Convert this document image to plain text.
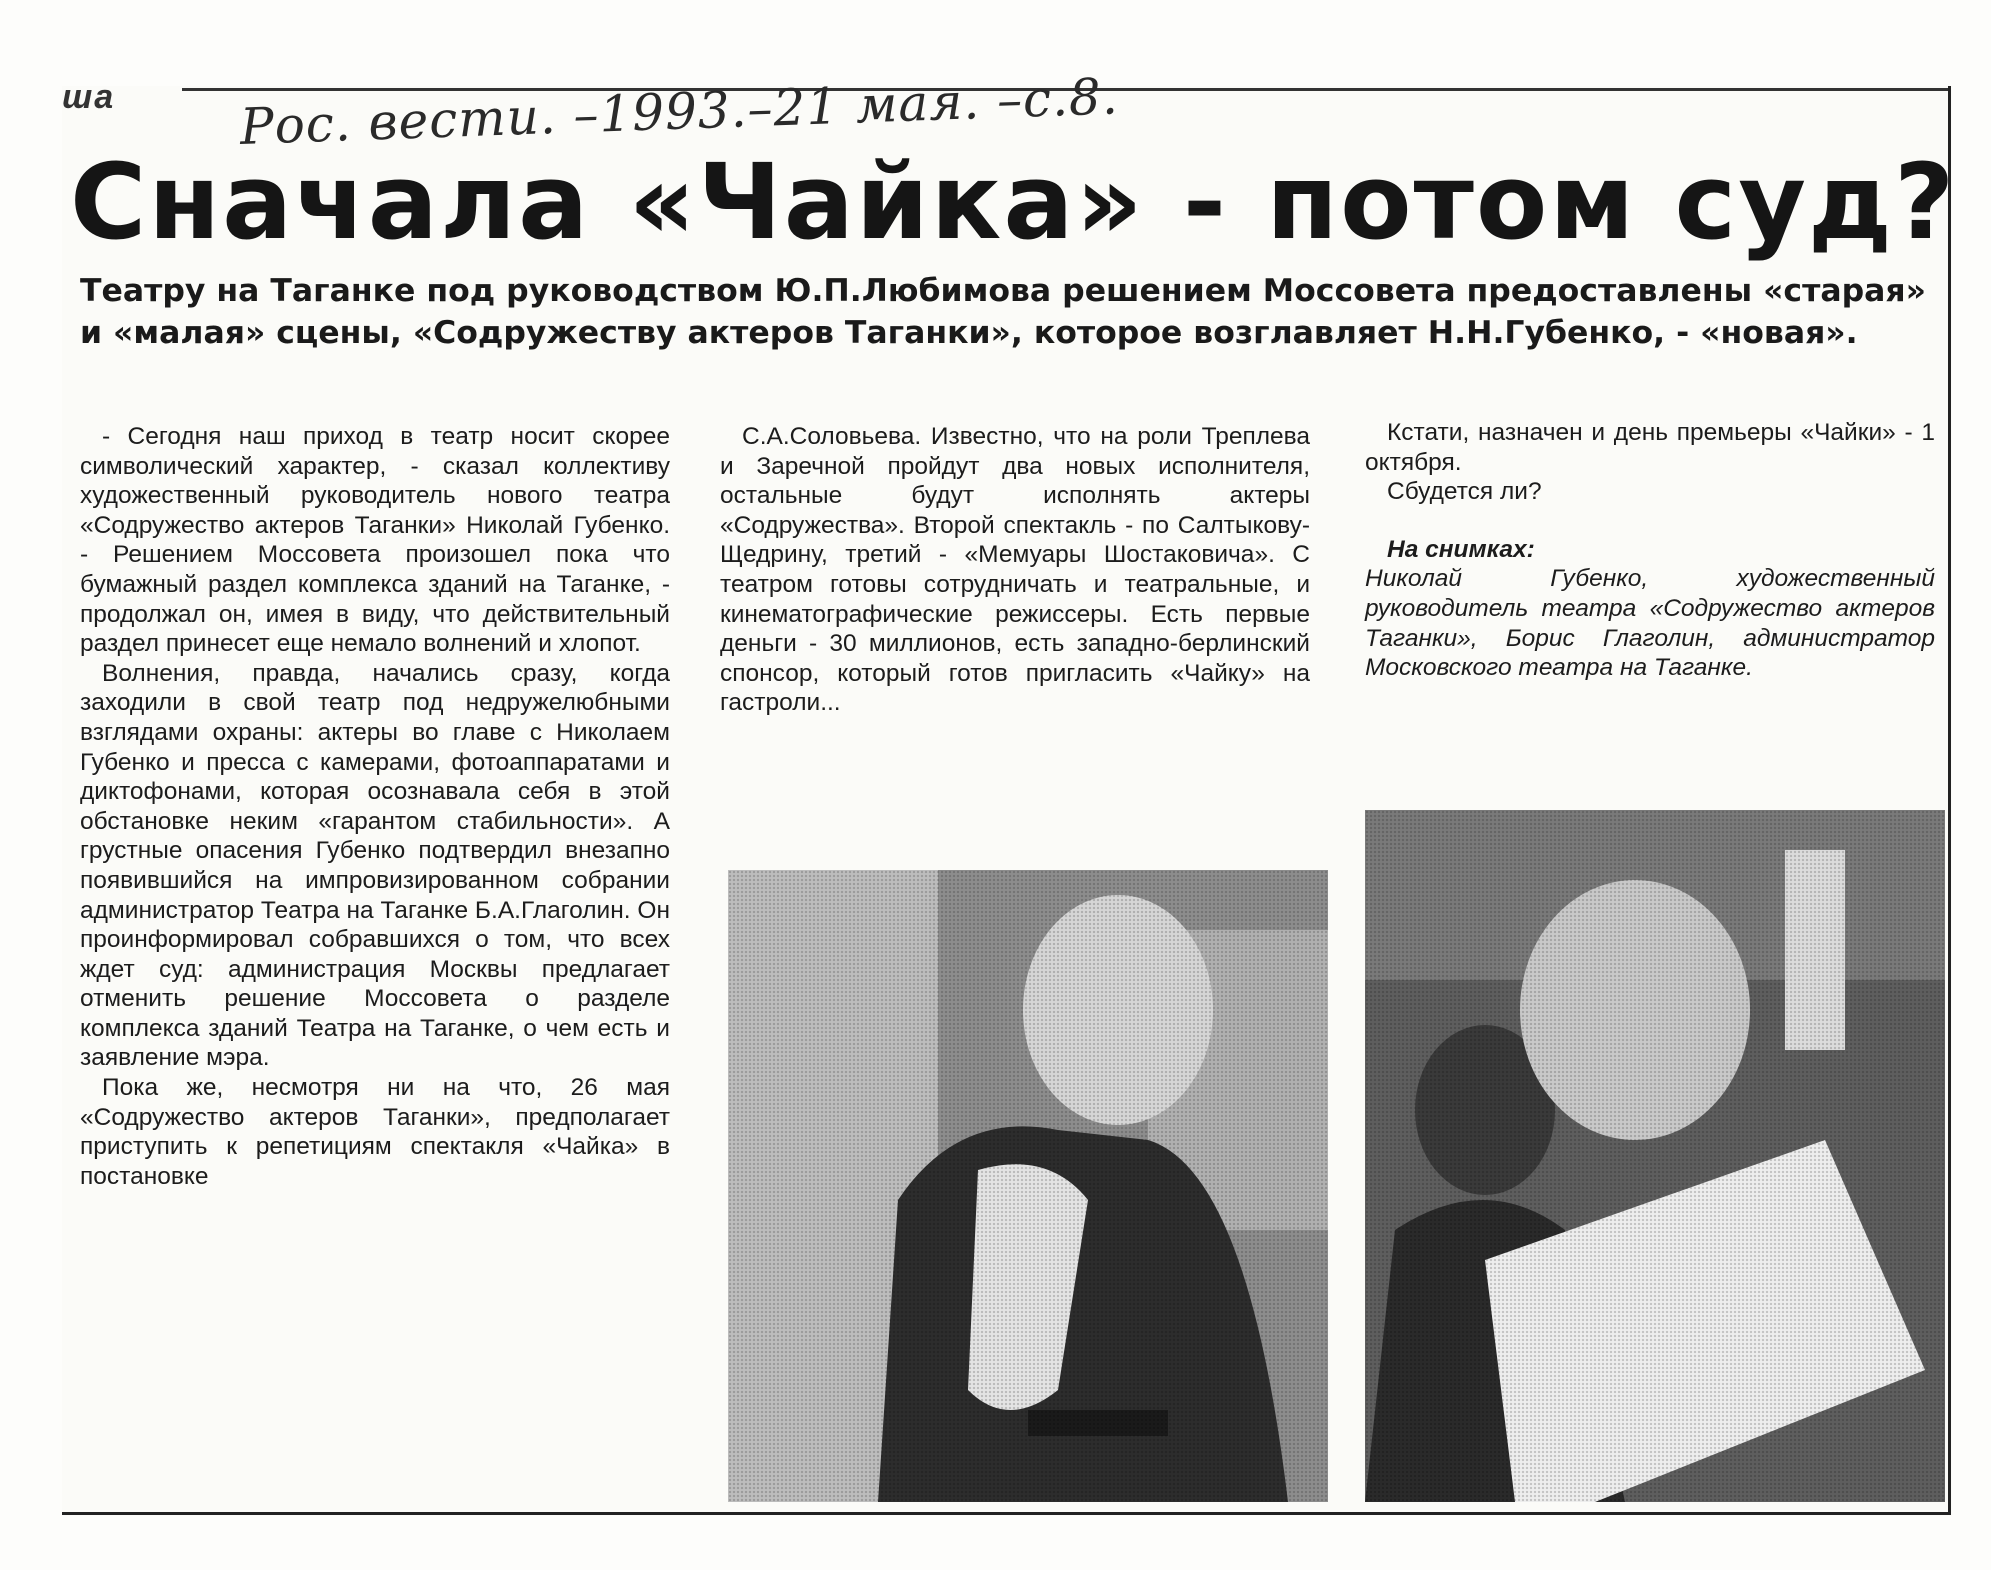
ша Рос. вести. –1993.–21 мая. –с.8.
Сначала «Чайка» - потом суд?
Театру на Таганке под руководством Ю.П.Любимова решением Моссовета предоставлены «старая» и «малая» сцены, «Содружеству актеров Таганки», которое возглавляет Н.Н.Губенко, - «новая».

- Сегодня наш приход в театр носит скорее символический характер, - сказал коллективу художественный руководитель нового театра «Содружество актеров Таганки» Николай Губенко. - Решением Моссовета произошел пока что бумажный раздел комплекса зданий на Таганке, - продолжал он, имея в виду, что действительный раздел принесет еще немало волнений и хлопот.

Волнения, правда, начались сразу, когда заходили в свой театр под недружелюбными взглядами охраны: актеры во главе с Николаем Губенко и пресса с камерами, фотоаппаратами и диктофонами, которая осознавала себя в этой обстановке неким «гарантом стабильности». А грустные опасения Губенко подтвердил внезапно появившийся на импровизированном собрании администратор Театра на Таганке Б.А.Глаголин. Он проинформировал собравшихся о том, что всех ждет суд: администрация Москвы предлагает отменить решение Моссовета о разделе комплекса зданий Театра на Таганке, о чем есть и заявление мэра.

Пока же, несмотря ни на что, 26 мая «Содружество актеров Таганки», предполагает приступить к репетициям спектакля «Чайка» в постановке

С.А.Соловьева. Известно, что на роли Треплева и Заречной пройдут два новых исполнителя, остальные будут исполнять актеры «Содружества». Второй спектакль - по Салтыкову-Щедрину, третий - «Мемуары Шостаковича». С театром готовы сотрудничать и театральные, и кинематографические режиссеры. Есть первые деньги - 30 миллионов, есть западно-берлинский спонсор, который готов пригласить «Чайку» на гастроли...

Кстати, назначен и день премьеры «Чайки» - 1 октября.

Сбудется ли?

На снимках:

Николай Губенко, художественный руководитель театра «Содружество актеров Таганки», Борис Глаголин, администратор Московского театра на Таганке.
